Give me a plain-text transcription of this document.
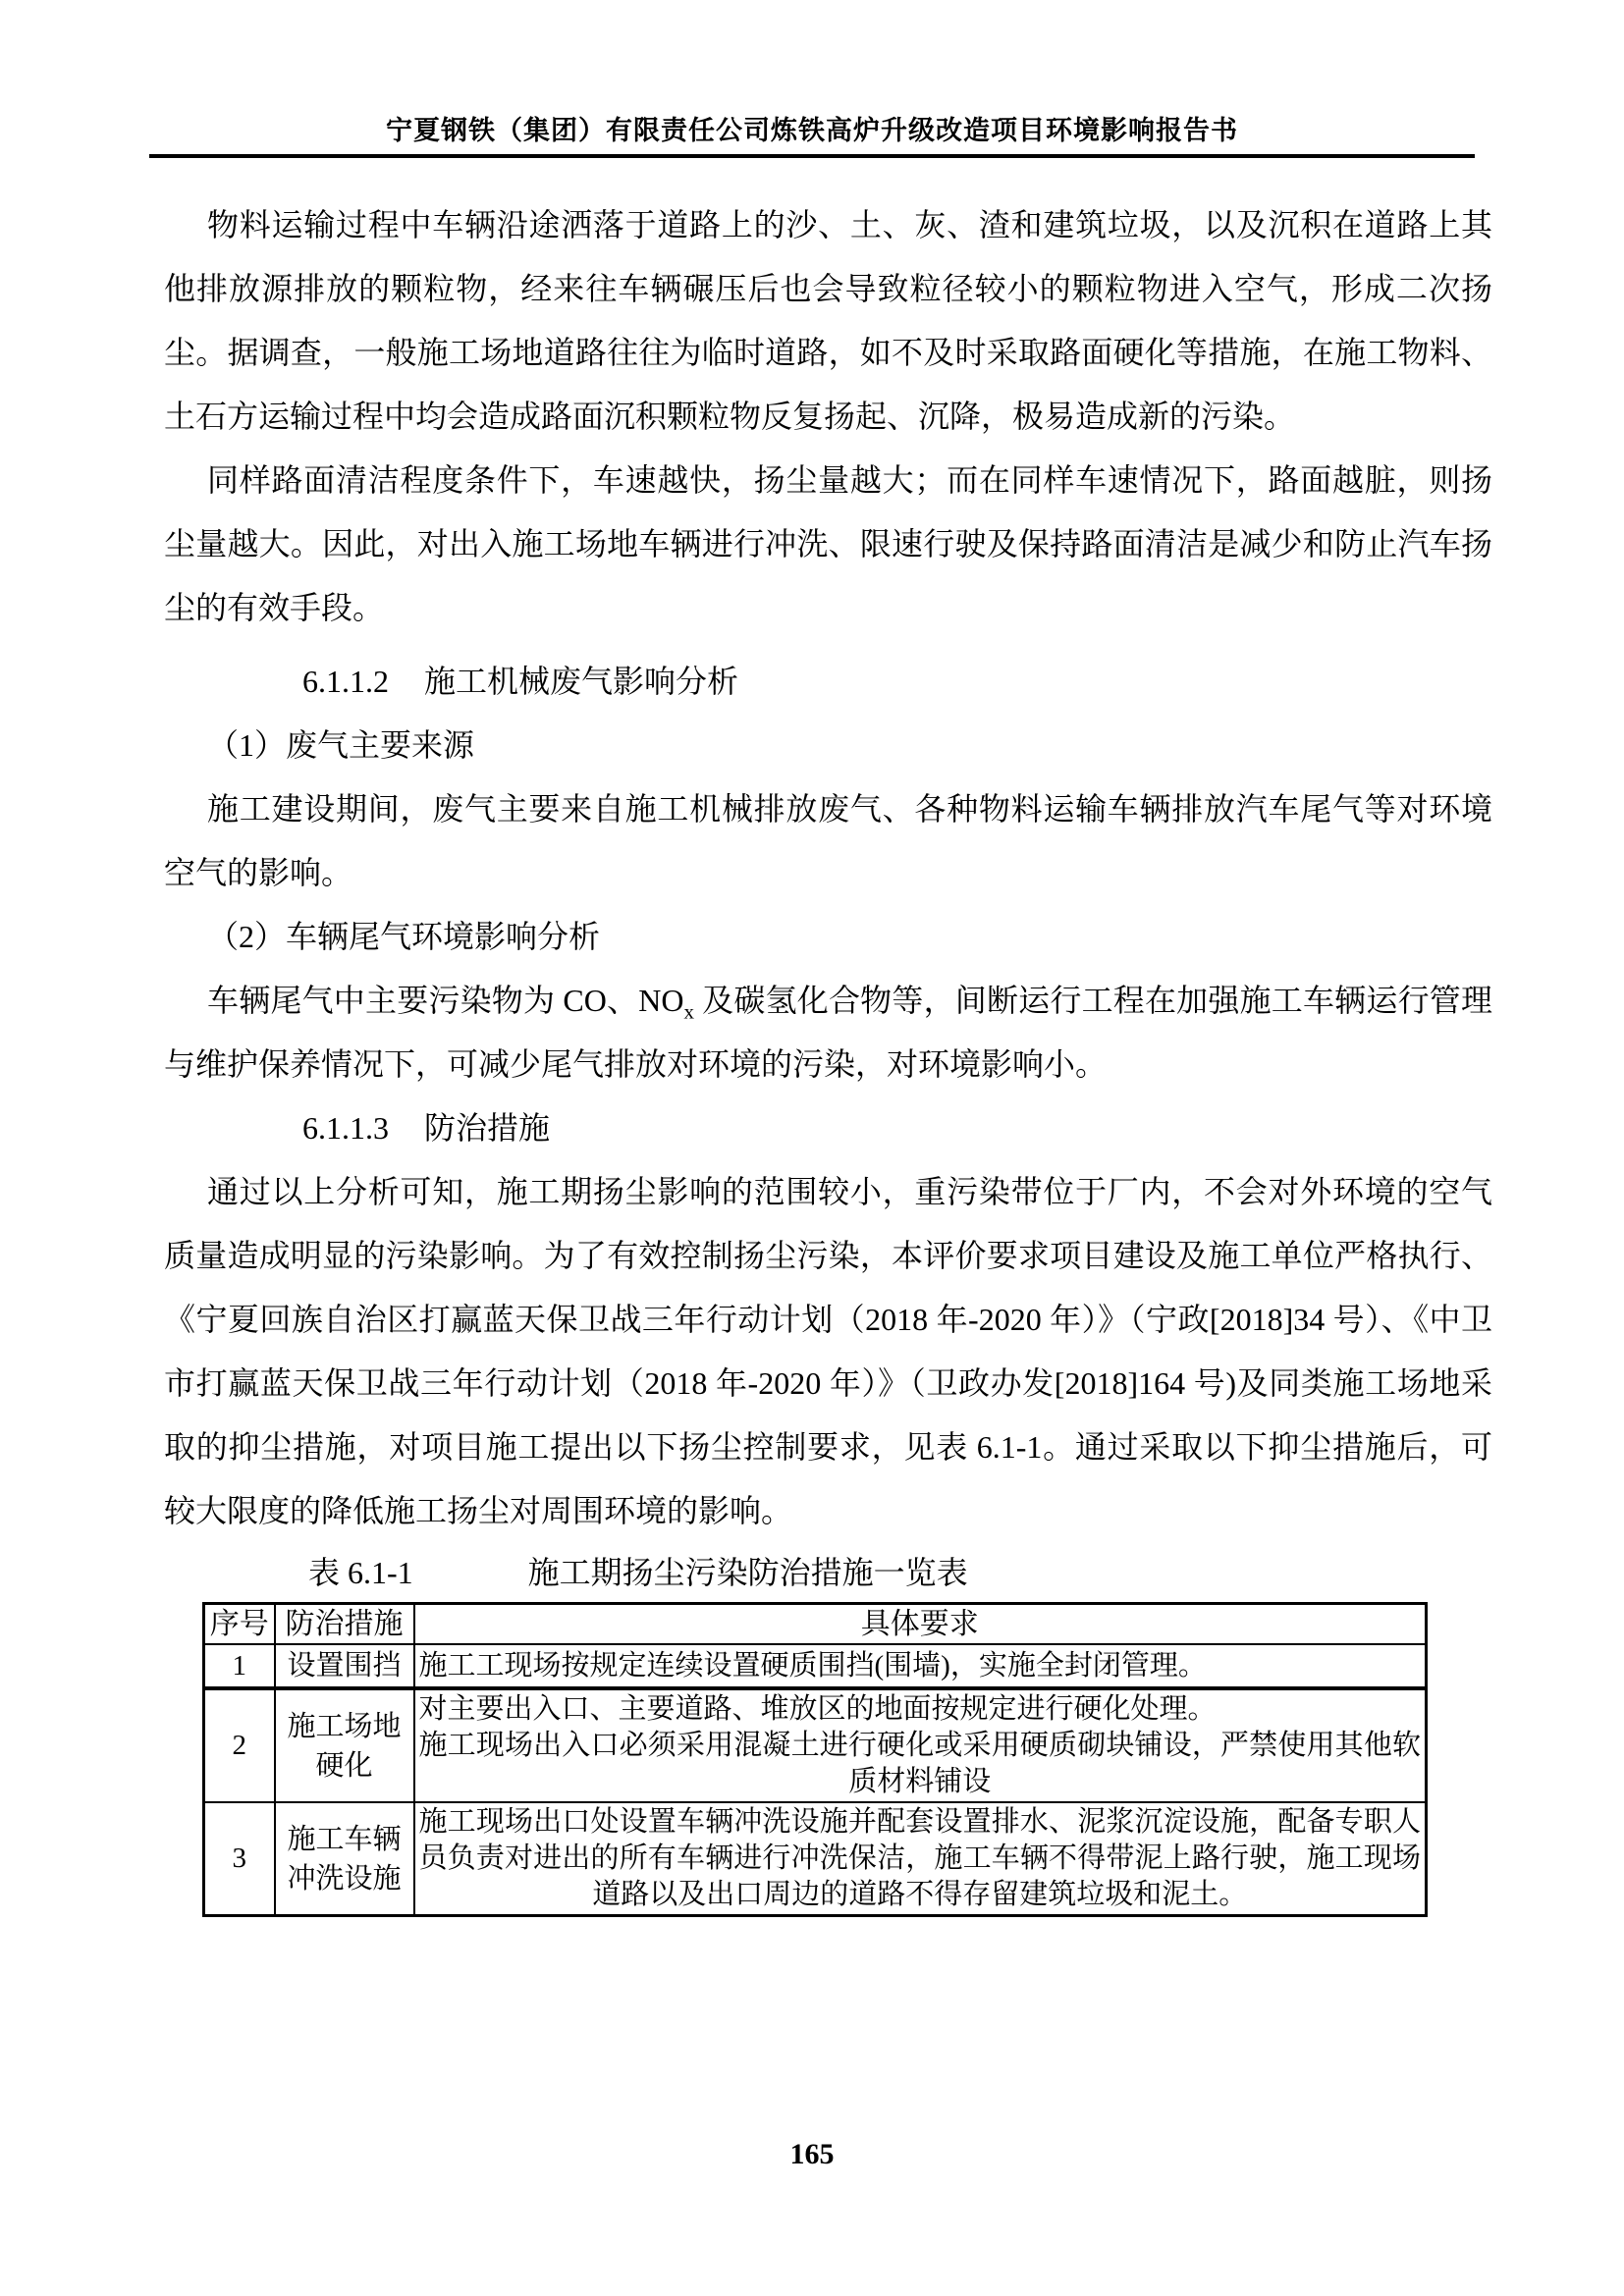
宁夏钢铁（集团）有限责任公司炼铁高炉升级改造项目环境影响报告书

物料运输过程中车辆沿途洒落于道路上的沙、土、灰、渣和建筑垃圾，以及沉积在道路上其他排放源排放的颗粒物，经来往车辆碾压后也会导致粒径较小的颗粒物进入空气，形成二次扬尘。据调查，一般施工场地道路往往为临时道路，如不及时采取路面硬化等措施，在施工物料、土石方运输过程中均会造成路面沉积颗粒物反复扬起、沉降，极易造成新的污染。

同样路面清洁程度条件下，车速越快，扬尘量越大；而在同样车速情况下，路面越脏，则扬尘量越大。因此，对出入施工场地车辆进行冲洗、限速行驶及保持路面清洁是减少和防止汽车扬尘的有效手段。

6.1.1.2 施工机械废气影响分析

（1）废气主要来源

施工建设期间，废气主要来自施工机械排放废气、各种物料运输车辆排放汽车尾气等对环境空气的影响。

（2）车辆尾气环境影响分析

车辆尾气中主要污染物为 CO、$NO_x$ 及碳氢化合物等，间断运行工程在加强施工车辆运行管理与维护保养情况下，可减少尾气排放对环境的污染，对环境影响小。

6.1.1.3 防治措施

通过以上分析可知，施工期扬尘影响的范围较小，重污染带位于厂内，不会对外环境的空气质量造成明显的污染影响。为了有效控制扬尘污染，本评价要求项目建设及施工单位严格执行、《宁夏回族自治区打赢蓝天保卫战三年行动计划（2018 年-2020 年）》（宁政[2018]34 号）、《中卫市打赢蓝天保卫战三年行动计划（2018 年-2020 年）》（卫政办发[2018]164 号)及同类施工场地采取的抑尘措施，对项目施工提出以下扬尘控制要求，见表 6.1-1。通过采取以下抑尘措施后，可较大限度的降低施工扬尘对周围环境的影响。

表 6.1-1	施工期扬尘污染防治措施一览表

序号	防治措施	具体要求
1	设置围挡	施工工现场按规定连续设置硬质围挡(围墙)，实施全封闭管理。

2	施工场地硬化	对主要出入口、主要道路、堆放区的地面按规定进行硬化处理。

施工现场出入口必须采用混凝土进行硬化或采用硬质砌块铺设，严禁使用其他软质材料铺设

3	施工车辆冲洗设施	施工现场出口处设置车辆冲洗设施并配套设置排水、泥浆沉淀设施，配备专职人员负责对进出的所有车辆进行冲洗保洁，施工车辆不得带泥上路行驶，施工现场道路以及出口周边的道路不得存留建筑垃圾和泥土。

165
